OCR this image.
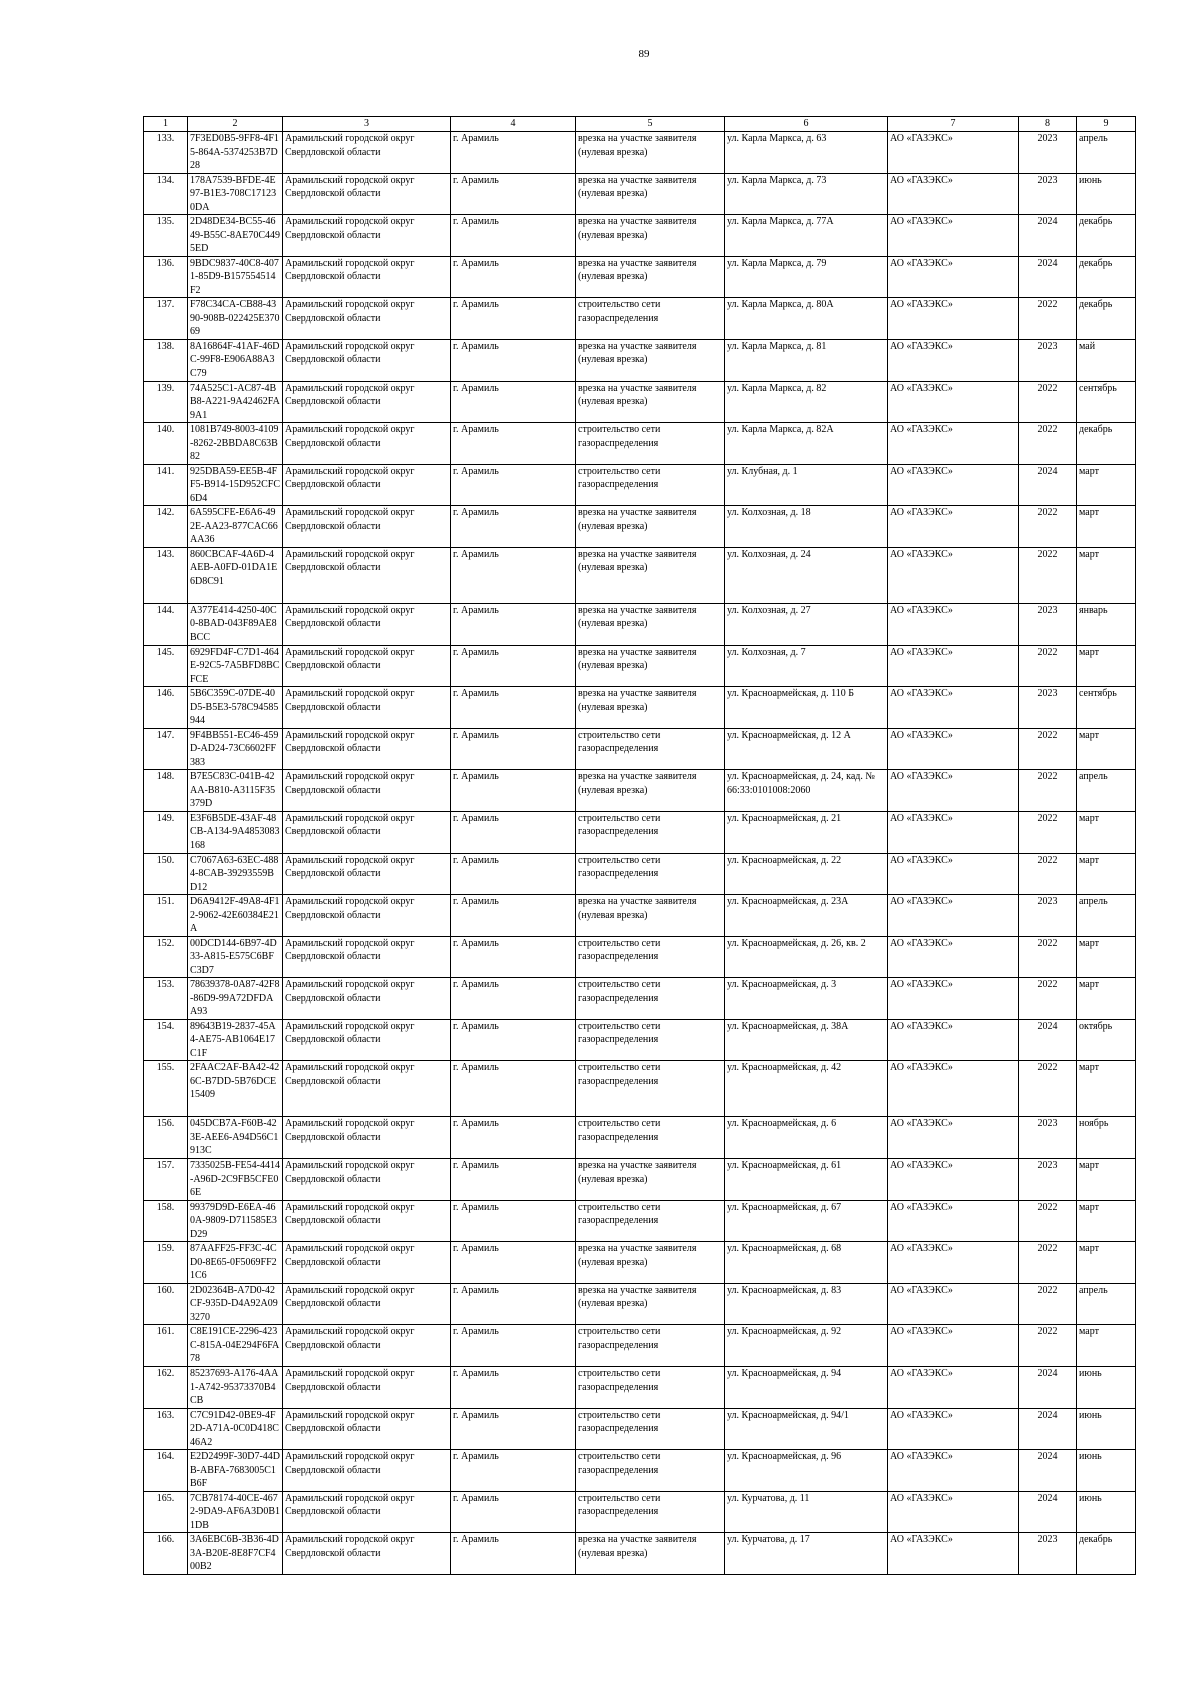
89
1	2	3	4	5	6	7	8	9
133.	7F3ED0B5-9FF8-4F15-864A-5374253B7D28	Арамильский городской округ Свердловской области	г. Арамиль	врезка на участке заявителя (нулевая врезка)	ул. Карла Маркса, д. 63	АО «ГАЗЭКС»	2023	апрель
134.	178A7539-BFDE-4E97-B1E3-708C171230DA	Арамильский городской округ Свердловской области	г. Арамиль	врезка на участке заявителя (нулевая врезка)	ул. Карла Маркса, д. 73	АО «ГАЗЭКС»	2023	июнь
135.	2D48DE34-BC55-4649-B55C-8AE70C4495ED	Арамильский городской округ Свердловской области	г. Арамиль	врезка на участке заявителя (нулевая врезка)	ул. Карла Маркса, д. 77А	АО «ГАЗЭКС»	2024	декабрь
136.	9BDC9837-40C8-4071-85D9-B157554514F2	Арамильский городской округ Свердловской области	г. Арамиль	врезка на участке заявителя (нулевая врезка)	ул. Карла Маркса, д. 79	АО «ГАЗЭКС»	2024	декабрь
137.	F78C34CA-CB88-4390-908B-022425E37069	Арамильский городской округ Свердловской области	г. Арамиль	строительство сети газораспределения	ул. Карла Маркса, д. 80А	АО «ГАЗЭКС»	2022	декабрь
138.	8A16864F-41AF-46DC-99F8-E906A88A3C79	Арамильский городской округ Свердловской области	г. Арамиль	врезка на участке заявителя (нулевая врезка)	ул. Карла Маркса, д. 81	АО «ГАЗЭКС»	2023	май
139.	74A525C1-AC87-4BB8-A221-9A42462FA9A1	Арамильский городской округ Свердловской области	г. Арамиль	врезка на участке заявителя (нулевая врезка)	ул. Карла Маркса, д. 82	АО «ГАЗЭКС»	2022	сентябрь
140.	1081B749-8003-4109-8262-2BBDA8C63B82	Арамильский городской округ Свердловской области	г. Арамиль	строительство сети газораспределения	ул. Карла Маркса, д. 82А	АО «ГАЗЭКС»	2022	декабрь
141.	925DBA59-EE5B-4FF5-B914-15D952CFC6D4	Арамильский городской округ Свердловской области	г. Арамиль	строительство сети газораспределения	ул. Клубная, д. 1	АО «ГАЗЭКС»	2024	март
142.	6A595CFE-E6A6-492E-AA23-877CAC66AA36	Арамильский городской округ Свердловской области	г. Арамиль	врезка на участке заявителя (нулевая врезка)	ул. Колхозная, д. 18	АО «ГАЗЭКС»	2022	март
143.	860CBCAF-4A6D-4AEB-A0FD-01DA1E6D8C91	Арамильский городской округ Свердловской области	г. Арамиль	врезка на участке заявителя (нулевая врезка)	ул. Колхозная, д. 24	АО «ГАЗЭКС»	2022	март
144.	A377E414-4250-40C0-8BAD-043F89AE8BCC	Арамильский городской округ Свердловской области	г. Арамиль	врезка на участке заявителя (нулевая врезка)	ул. Колхозная, д. 27	АО «ГАЗЭКС»	2023	январь
145.	6929FD4F-C7D1-464E-92C5-7A5BFD8BCFCE	Арамильский городской округ Свердловской области	г. Арамиль	врезка на участке заявителя (нулевая врезка)	ул. Колхозная, д. 7	АО «ГАЗЭКС»	2022	март
146.	5B6C359C-07DE-40D5-B5E3-578C94585944	Арамильский городской округ Свердловской области	г. Арамиль	врезка на участке заявителя (нулевая врезка)	ул. Красноармейская, д. 110 Б	АО «ГАЗЭКС»	2023	сентябрь
147.	9F4BB551-EC46-459D-AD24-73C6602FF383	Арамильский городской округ Свердловской области	г. Арамиль	строительство сети газораспределения	ул. Красноармейская, д. 12 А	АО «ГАЗЭКС»	2022	март
148.	B7E5C83C-041B-42AA-B810-A3115F35379D	Арамильский городской округ Свердловской области	г. Арамиль	врезка на участке заявителя (нулевая врезка)	ул. Красноармейская, д. 24, кад. № 66:33:0101008:2060	АО «ГАЗЭКС»	2022	апрель
149.	E3F6B5DE-43AF-48CB-A134-9A4853083168	Арамильский городской округ Свердловской области	г. Арамиль	строительство сети газораспределения	ул. Красноармейская, д. 21	АО «ГАЗЭКС»	2022	март
150.	C7067A63-63EC-4884-8CAB-39293559BD12	Арамильский городской округ Свердловской области	г. Арамиль	строительство сети газораспределения	ул. Красноармейская, д. 22	АО «ГАЗЭКС»	2022	март
151.	D6A9412F-49A8-4F12-9062-42E60384E21A	Арамильский городской округ Свердловской области	г. Арамиль	врезка на участке заявителя (нулевая врезка)	ул. Красноармейская, д. 23А	АО «ГАЗЭКС»	2023	апрель
152.	00DCD144-6B97-4D33-A815-E575C6BFC3D7	Арамильский городской округ Свердловской области	г. Арамиль	строительство сети газораспределения	ул. Красноармейская, д. 26, кв. 2	АО «ГАЗЭКС»	2022	март
153.	78639378-0A87-42F8-86D9-99A72DFDAA93	Арамильский городской округ Свердловской области	г. Арамиль	строительство сети газораспределения	ул. Красноармейская, д. 3	АО «ГАЗЭКС»	2022	март
154.	89643B19-2837-45A4-AE75-AB1064E17C1F	Арамильский городской округ Свердловской области	г. Арамиль	строительство сети газораспределения	ул. Красноармейская, д. 38А	АО «ГАЗЭКС»	2024	октябрь
155.	2FAAC2AF-BA42-426C-B7DD-5B76DCE15409	Арамильский городской округ Свердловской области	г. Арамиль	строительство сети газораспределения	ул. Красноармейская, д. 42	АО «ГАЗЭКС»	2022	март
156.	045DCB7A-F60B-423E-AEE6-A94D56C1913C	Арамильский городской округ Свердловской области	г. Арамиль	строительство сети газораспределения	ул. Красноармейская, д. 6	АО «ГАЗЭКС»	2023	ноябрь
157.	7335025B-FE54-4414-A96D-2C9FB5CFE06E	Арамильский городской округ Свердловской области	г. Арамиль	врезка на участке заявителя (нулевая врезка)	ул. Красноармейская, д. 61	АО «ГАЗЭКС»	2023	март
158.	99379D9D-E6EA-460A-9809-D711585E3D29	Арамильский городской округ Свердловской области	г. Арамиль	строительство сети газораспределения	ул. Красноармейская, д. 67	АО «ГАЗЭКС»	2022	март
159.	87AAFF25-FF3C-4CD0-8E65-0F5069FF21C6	Арамильский городской округ Свердловской области	г. Арамиль	врезка на участке заявителя (нулевая врезка)	ул. Красноармейская, д. 68	АО «ГАЗЭКС»	2022	март
160.	2D02364B-A7D0-42CF-935D-D4A92A093270	Арамильский городской округ Свердловской области	г. Арамиль	врезка на участке заявителя (нулевая врезка)	ул. Красноармейская, д. 83	АО «ГАЗЭКС»	2022	апрель
161.	C8E191CE-2296-423C-815A-04E294F6FA78	Арамильский городской округ Свердловской области	г. Арамиль	строительство сети газораспределения	ул. Красноармейская, д. 92	АО «ГАЗЭКС»	2022	март
162.	85237693-A176-4AA1-A742-95373370B4CB	Арамильский городской округ Свердловской области	г. Арамиль	строительство сети газораспределения	ул. Красноармейская, д. 94	АО «ГАЗЭКС»	2024	июнь
163.	C7C91D42-0BE9-4F2D-A71A-0C0D418C46A2	Арамильский городской округ Свердловской области	г. Арамиль	строительство сети газораспределения	ул. Красноармейская, д. 94/1	АО «ГАЗЭКС»	2024	июнь
164.	E2D2499F-30D7-44DB-ABFA-7683005C1B6F	Арамильский городской округ Свердловской области	г. Арамиль	строительство сети газораспределения	ул. Красноармейская, д. 96	АО «ГАЗЭКС»	2024	июнь
165.	7CB78174-40CE-4672-9DA9-AF6A3D0B11DB	Арамильский городской округ Свердловской области	г. Арамиль	строительство сети газораспределения	ул. Курчатова, д. 11	АО «ГАЗЭКС»	2024	июнь
166.	3A6EBC6B-3B36-4D3A-B20E-8E8F7CF400B2	Арамильский городской округ Свердловской области	г. Арамиль	врезка на участке заявителя (нулевая врезка)	ул. Курчатова, д. 17	АО «ГАЗЭКС»	2023	декабрь
